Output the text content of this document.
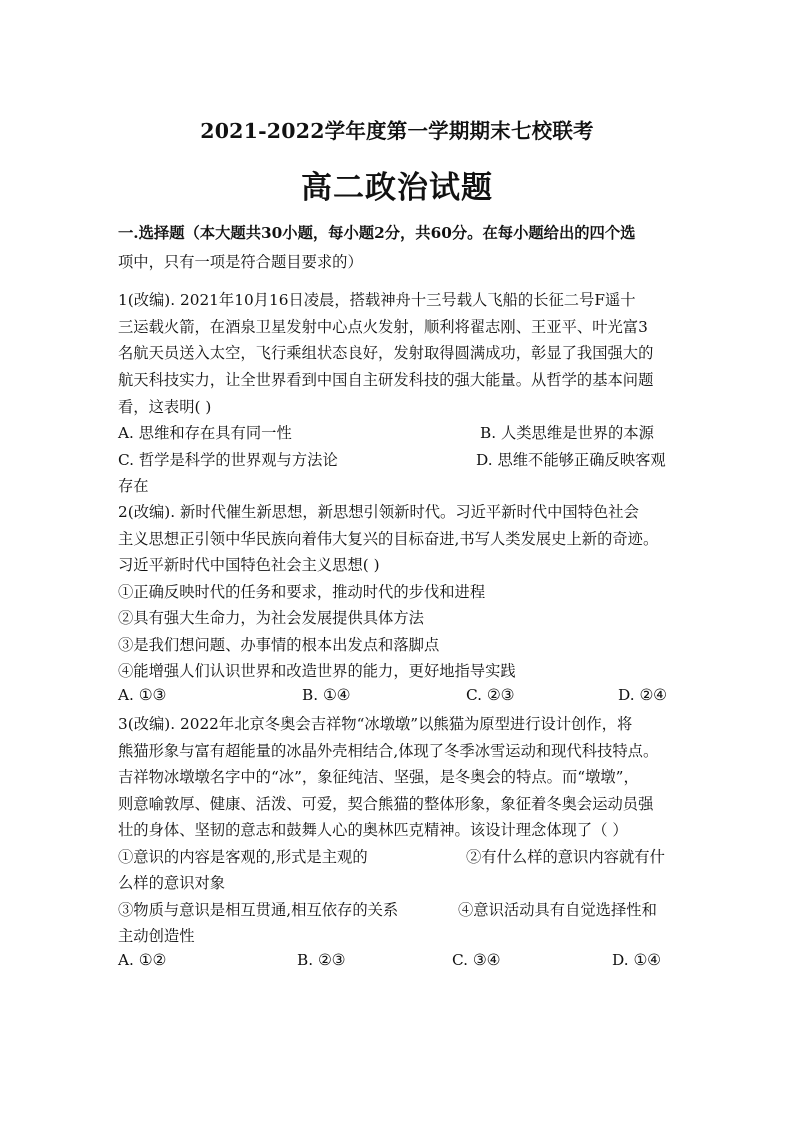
2021-2022学年度第一学期期末七校联考
高二政治试题
一.选择题（本大题共30小题，每小题2分，共60分。在每小题给出的四个选
项中，只有一项是符合题目要求的）
1(改编). 2021年10月16日凌晨，搭载神舟十三号载人飞船的长征二号F遥十
三运载火箭，在酒泉卫星发射中心点火发射，顺利将翟志刚、王亚平、叶光富3
名航天员送入太空，飞行乘组状态良好，发射取得圆满成功，彰显了我国强大的
航天科技实力，让全世界看到中国自主研发科技的强大能量。从哲学的基本问题
看，这表明( )
A. 思维和存在具有同一性	B. 人类思维是世界的本源
C. 哲学是科学的世界观与方法论	D. 思维不能够正确反映客观
存在
2(改编). 新时代催生新思想，新思想引领新时代。习近平新时代中国特色社会
主义思想正引领中华民族向着伟大复兴的目标奋进,书写人类发展史上新的奇迹。
习近平新时代中国特色社会主义思想( )
①正确反映时代的任务和要求，推动时代的步伐和进程
②具有强大生命力，为社会发展提供具体方法
③是我们想问题、办事情的根本出发点和落脚点
④能增强人们认识世界和改造世界的能力，更好地指导实践
A. ①③	B. ①④	C. ②③	D. ②④
3(改编). 2022年北京冬奥会吉祥物“冰墩墩”以熊猫为原型进行设计创作，将
熊猫形象与富有超能量的冰晶外壳相结合,体现了冬季冰雪运动和现代科技特点。
吉祥物冰墩墩名字中的“冰”，象征纯洁、坚强，是冬奥会的特点。而“墩墩”，
则意喻敦厚、健康、活泼、可爱，契合熊猫的整体形象，象征着冬奥会运动员强
壮的身体、坚韧的意志和鼓舞人心的奥林匹克精神。该设计理念体现了（ ）
①意识的内容是客观的,形式是主观的	②有什么样的意识内容就有什
么样的意识对象
③物质与意识是相互贯通,相互依存的关系	④意识活动具有自觉选择性和
主动创造性
A. ①②	B. ②③	C. ③④	D. ①④
